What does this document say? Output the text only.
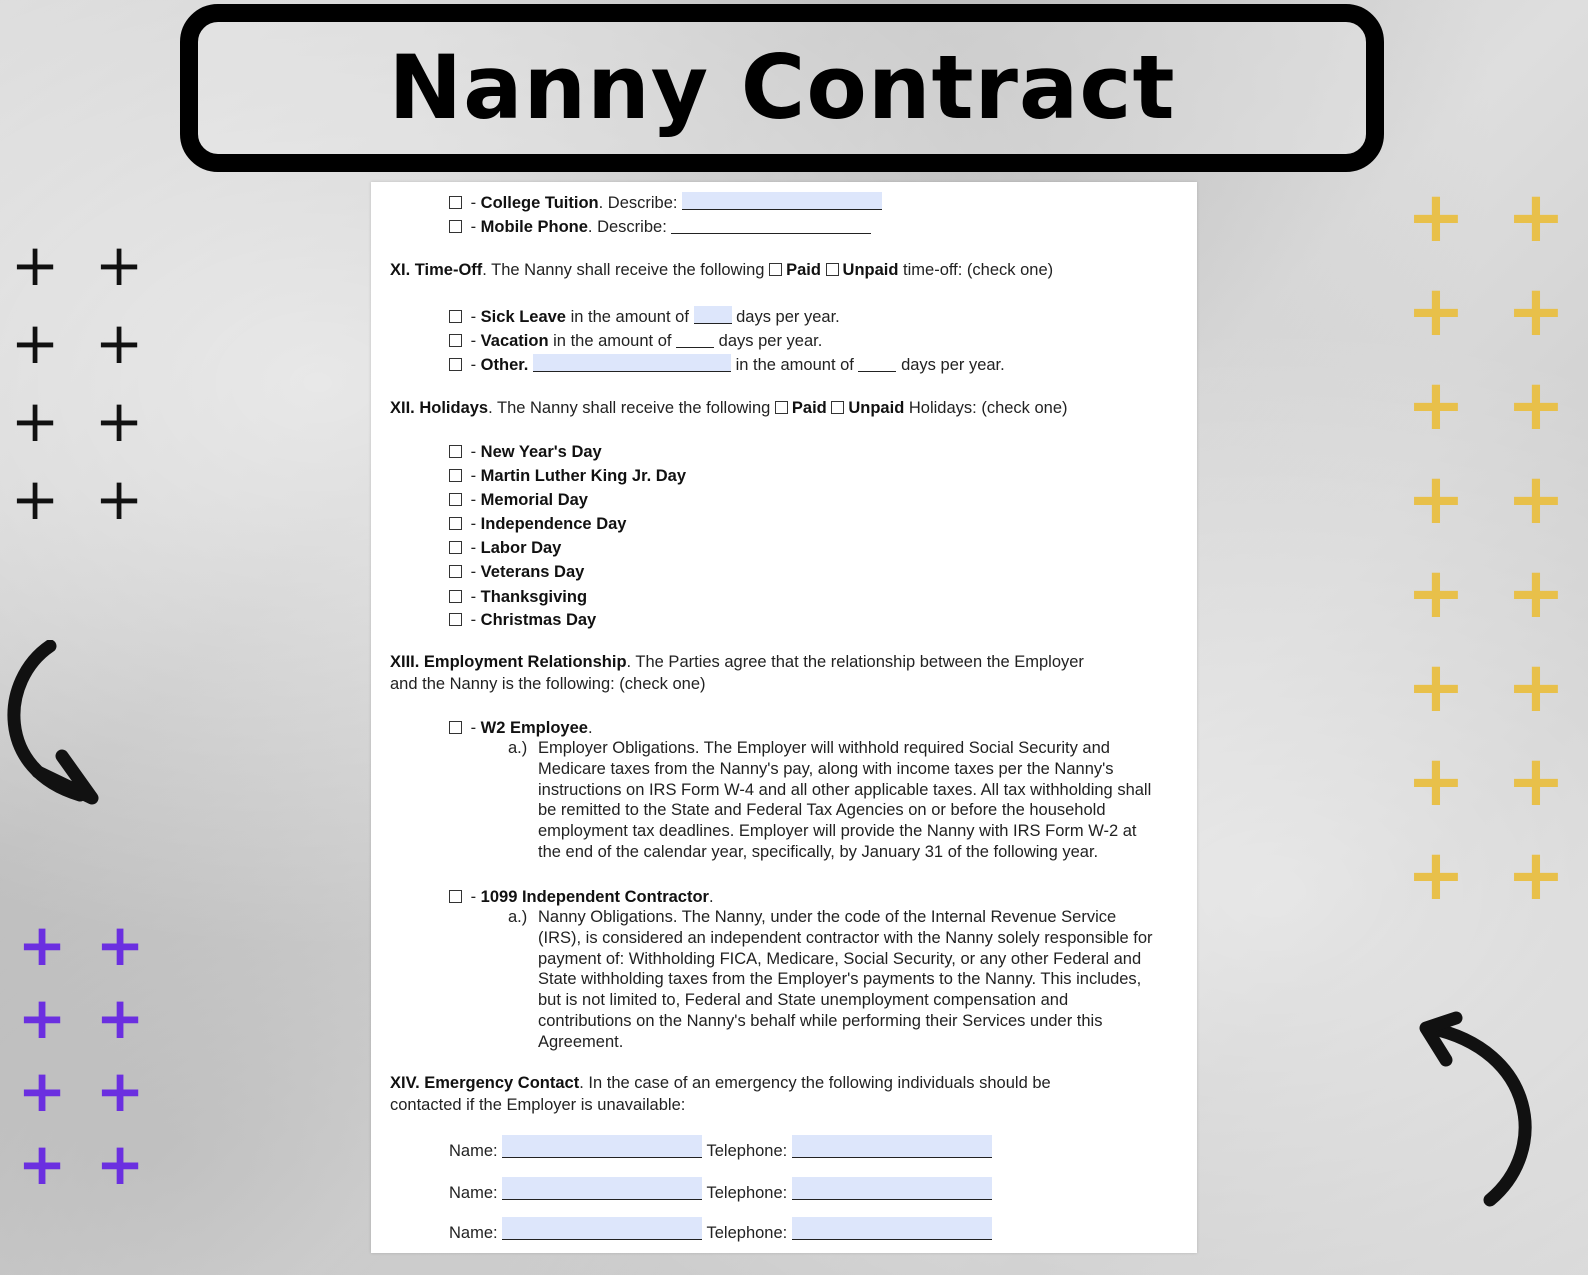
Nanny Contract
+ +
+ +
+ +
+ +
+ +
+ +
+ +
+ +
+ +
+ +
+ +
+ +
+ +
+ +
+ +
+ +
- College Tuition. Describe:
- Mobile Phone. Describe:
XI. Time-Off. The Nanny shall receive the following Paid Unpaid time-off: (check one)
- Sick Leave in the amount of	days per year.
- Vacation in the amount of	days per year.
- Other.	in the amount of	days per year.
XII. Holidays. The Nanny shall receive the following Paid Unpaid Holidays: (check one)
- New Year's Day
- Martin Luther King Jr. Day
- Memorial Day
- Independence Day
- Labor Day
- Veterans Day
- Thanksgiving
- Christmas Day
XIII. Employment Relationship. The Parties agree that the relationship between the Employer
and the Nanny is the following: (check one)
- W2 Employee.
a.) Employer Obligations. The Employer will withhold required Social Security and Medicare taxes from the Nanny's pay, along with income taxes per the Nanny's instructions on IRS Form W-4 and all other applicable taxes. All tax withholding shall be remitted to the State and Federal Tax Agencies on or before the household employment tax deadlines. Employer will provide the Nanny with IRS Form W-2 at the end of the calendar year, specifically, by January 31 of the following year.
- 1099 Independent Contractor.
a.) Nanny Obligations. The Nanny, under the code of the Internal Revenue Service (IRS), is considered an independent contractor with the Nanny solely responsible for payment of: Withholding FICA, Medicare, Social Security, or any other Federal and State withholding taxes from the Employer's payments to the Nanny. This includes, but is not limited to, Federal and State unemployment compensation and contributions on the Nanny's behalf while performing their Services under this Agreement.
XIV. Emergency Contact. In the case of an emergency the following individuals should be
contacted if the Employer is unavailable:
Name:	Telephone:
Name:	Telephone:
Name:	Telephone:
